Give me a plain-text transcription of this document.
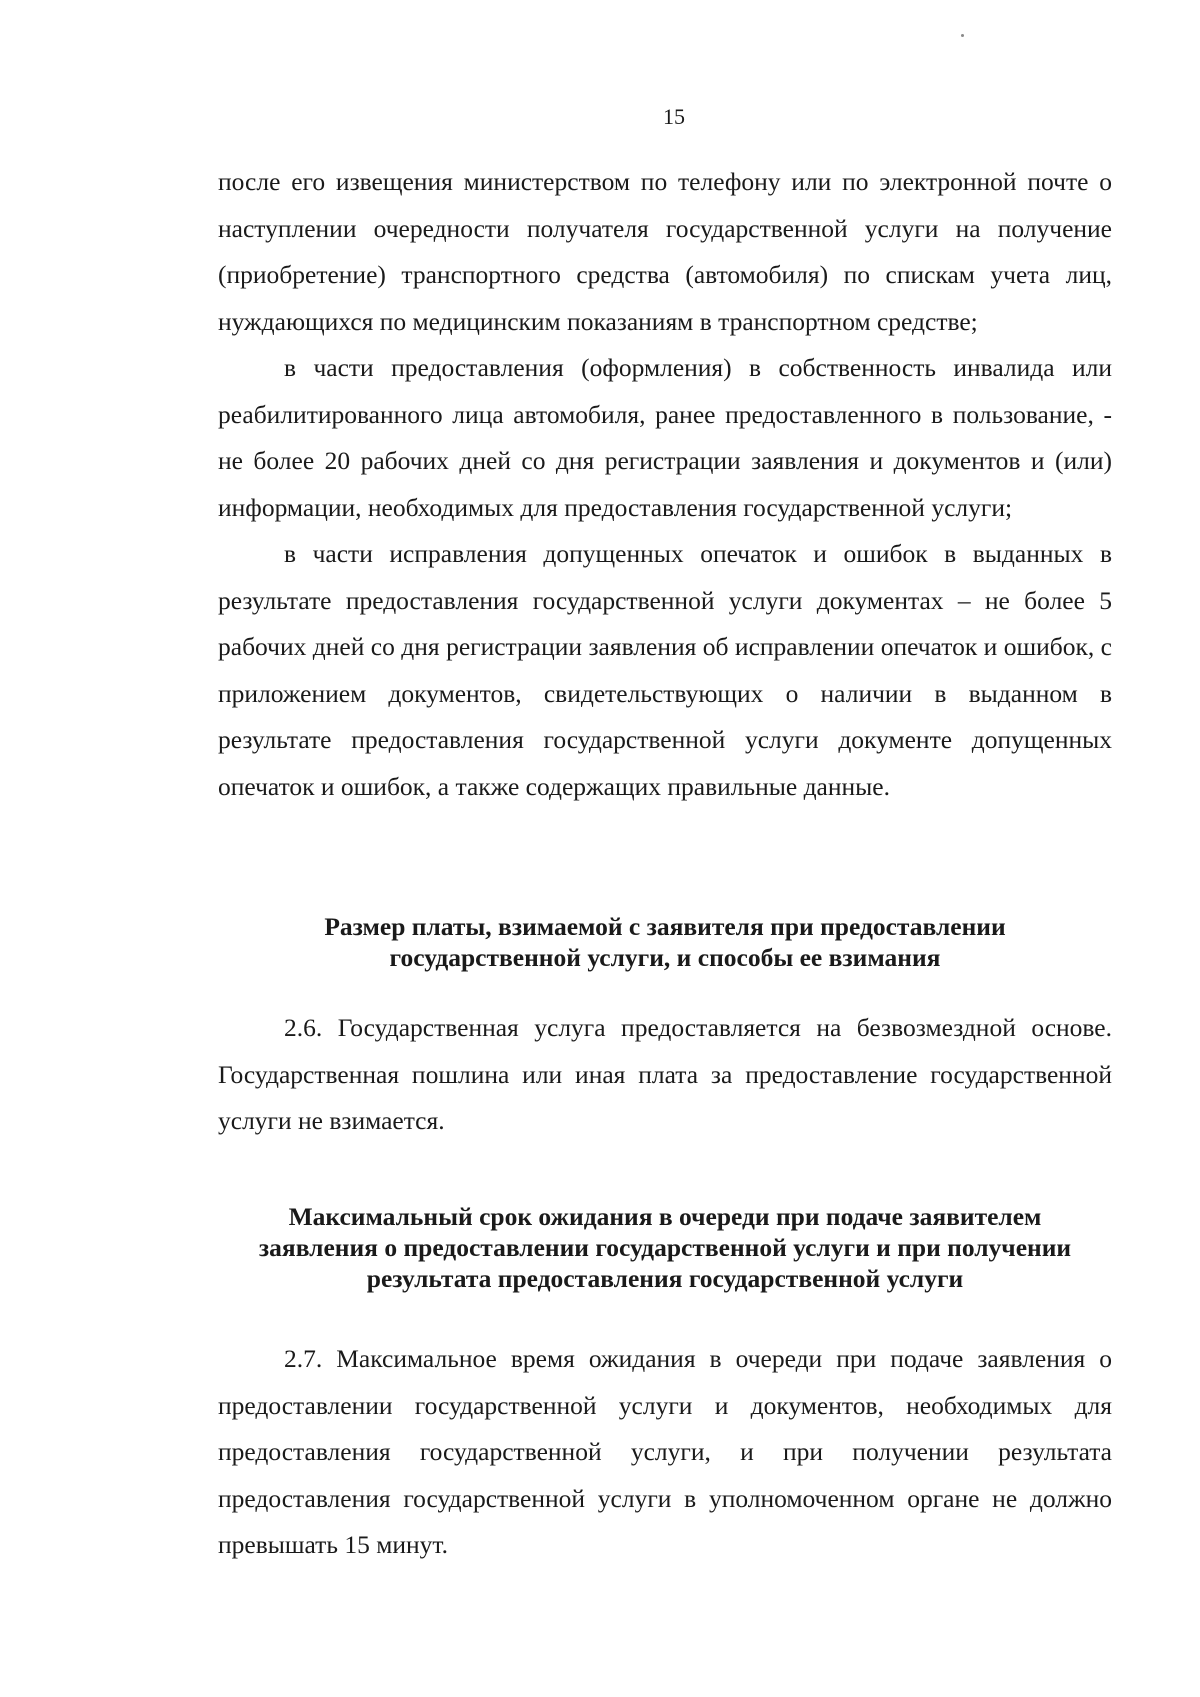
15

после его извещения министерством по телефону или по электронной почте о наступлении очередности получателя государственной услуги на получение (приобретение) транспортного средства (автомобиля) по спискам учета лиц, нуждающихся по медицинским показаниям в транспортном средстве;

в части предоставления (оформления) в собственность инвалида или реабилитированного лица автомобиля, ранее предоставленного в пользование, - не более 20 рабочих дней со дня регистрации заявления и документов и (или) информации, необходимых для предоставления государственной услуги;

в части исправления допущенных опечаток и ошибок в выданных в результате предоставления государственной услуги документах – не более 5 рабочих дней со дня регистрации заявления об исправлении опечаток и ошибок, с приложением документов, свидетельствующих о наличии в выданном в результате предоставления государственной услуги документе допущенных опечаток и ошибок, а также содержащих правильные данные.

Размер платы, взимаемой с заявителя при предоставлении
государственной услуги, и способы ее взимания

2.6. Государственная услуга предоставляется на безвозмездной основе. Государственная пошлина или иная плата за предоставление государственной услуги не взимается.

Максимальный срок ожидания в очереди при подаче заявителем
заявления о предоставлении государственной услуги и при получении
результата предоставления государственной услуги

2.7. Максимальное время ожидания в очереди при подаче заявления о предоставлении государственной услуги и документов, необходимых для предоставления государственной услуги, и при получении результата предоставления государственной услуги в уполномоченном органе не должно превышать 15 минут.
